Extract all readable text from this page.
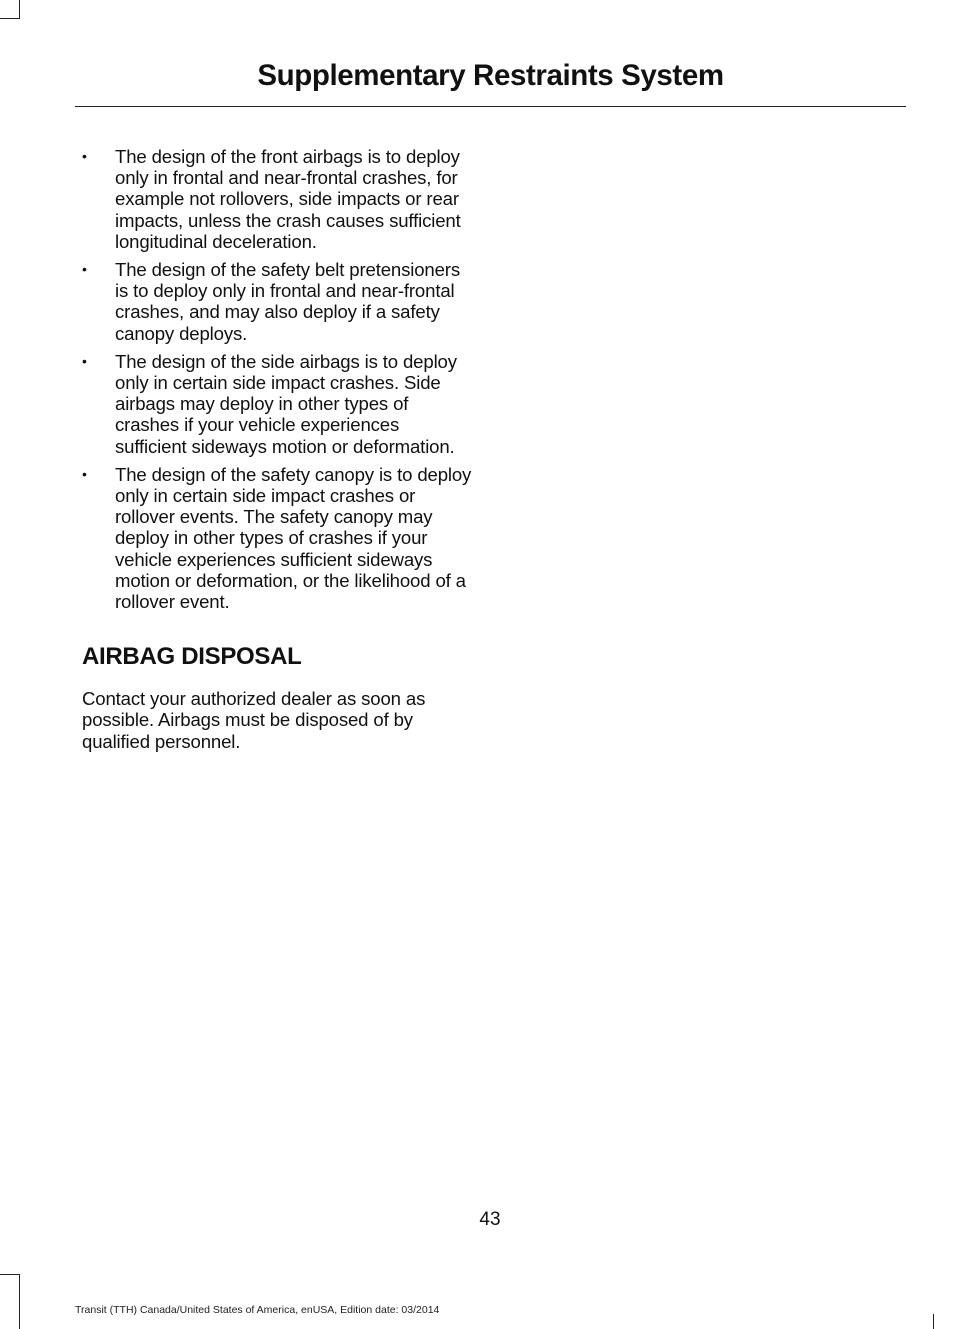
Supplementary Restraints System
• The design of the front airbags is to deploy only in frontal and near-frontal crashes, for example not rollovers, side impacts or rear impacts, unless the crash causes sufficient longitudinal deceleration.
• The design of the safety belt pretensioners is to deploy only in frontal and near-frontal crashes, and may also deploy if a safety canopy deploys.
• The design of the side airbags is to deploy only in certain side impact crashes. Side airbags may deploy in other types of crashes if your vehicle experiences sufficient sideways motion or deformation.
• The design of the safety canopy is to deploy only in certain side impact crashes or rollover events. The safety canopy may deploy in other types of crashes if your vehicle experiences sufficient sideways motion or deformation, or the likelihood of a rollover event.
AIRBAG DISPOSAL

Contact your authorized dealer as soon as possible. Airbags must be disposed of by qualified personnel.

43
Transit (TTH) Canada/United States of America, enUSA, Edition date: 03/2014
